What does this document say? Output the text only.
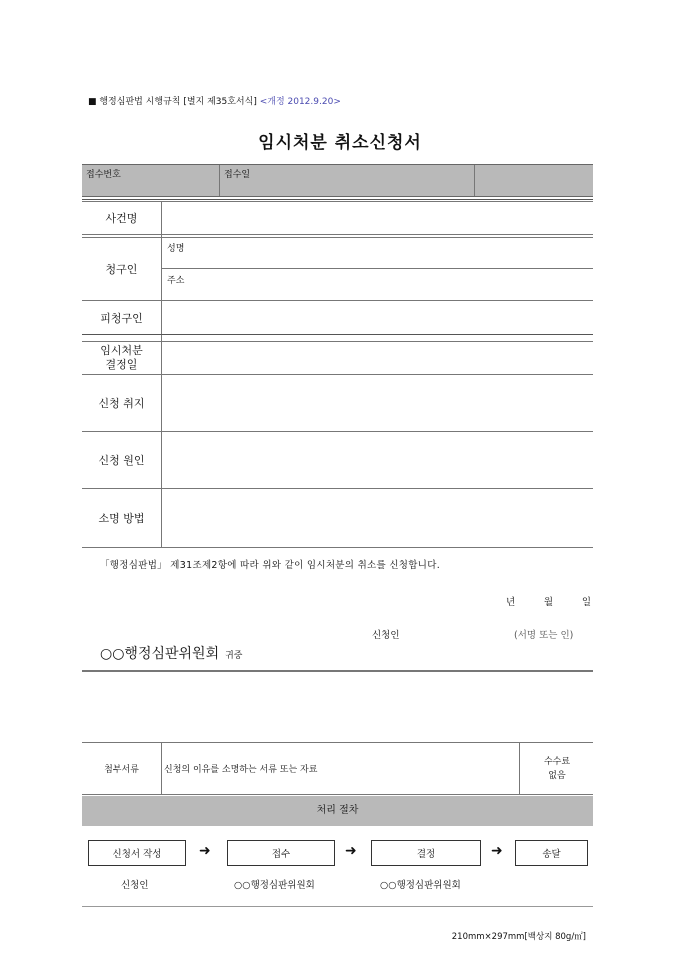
■ 행정심판법 시행규칙 [별지 제35호서식] <개정 2012.9.20>
임시처분 취소신청서
접수번호	접수일
사건명
청구인
성명
주소
피청구인
임시처분
결정일
신청 취지
신청 원인
소명 방법
「행정심판법」 제31조제2항에 따라 위와 같이 임시처분의 취소를 신청합니다.
년	월	일
신청인	(서명 또는 인)
○○행정심판위원회 귀중
첨부서류	신청의 이유를 소명하는 서류 또는 자료
수수료
없음
처리 절차
신청서 작성	➜	접수	➜	결정	➜	송달
신청인	○○행정심판위원회	○○행정심판위원회
210mm×297mm[백상지 80g/㎡]
